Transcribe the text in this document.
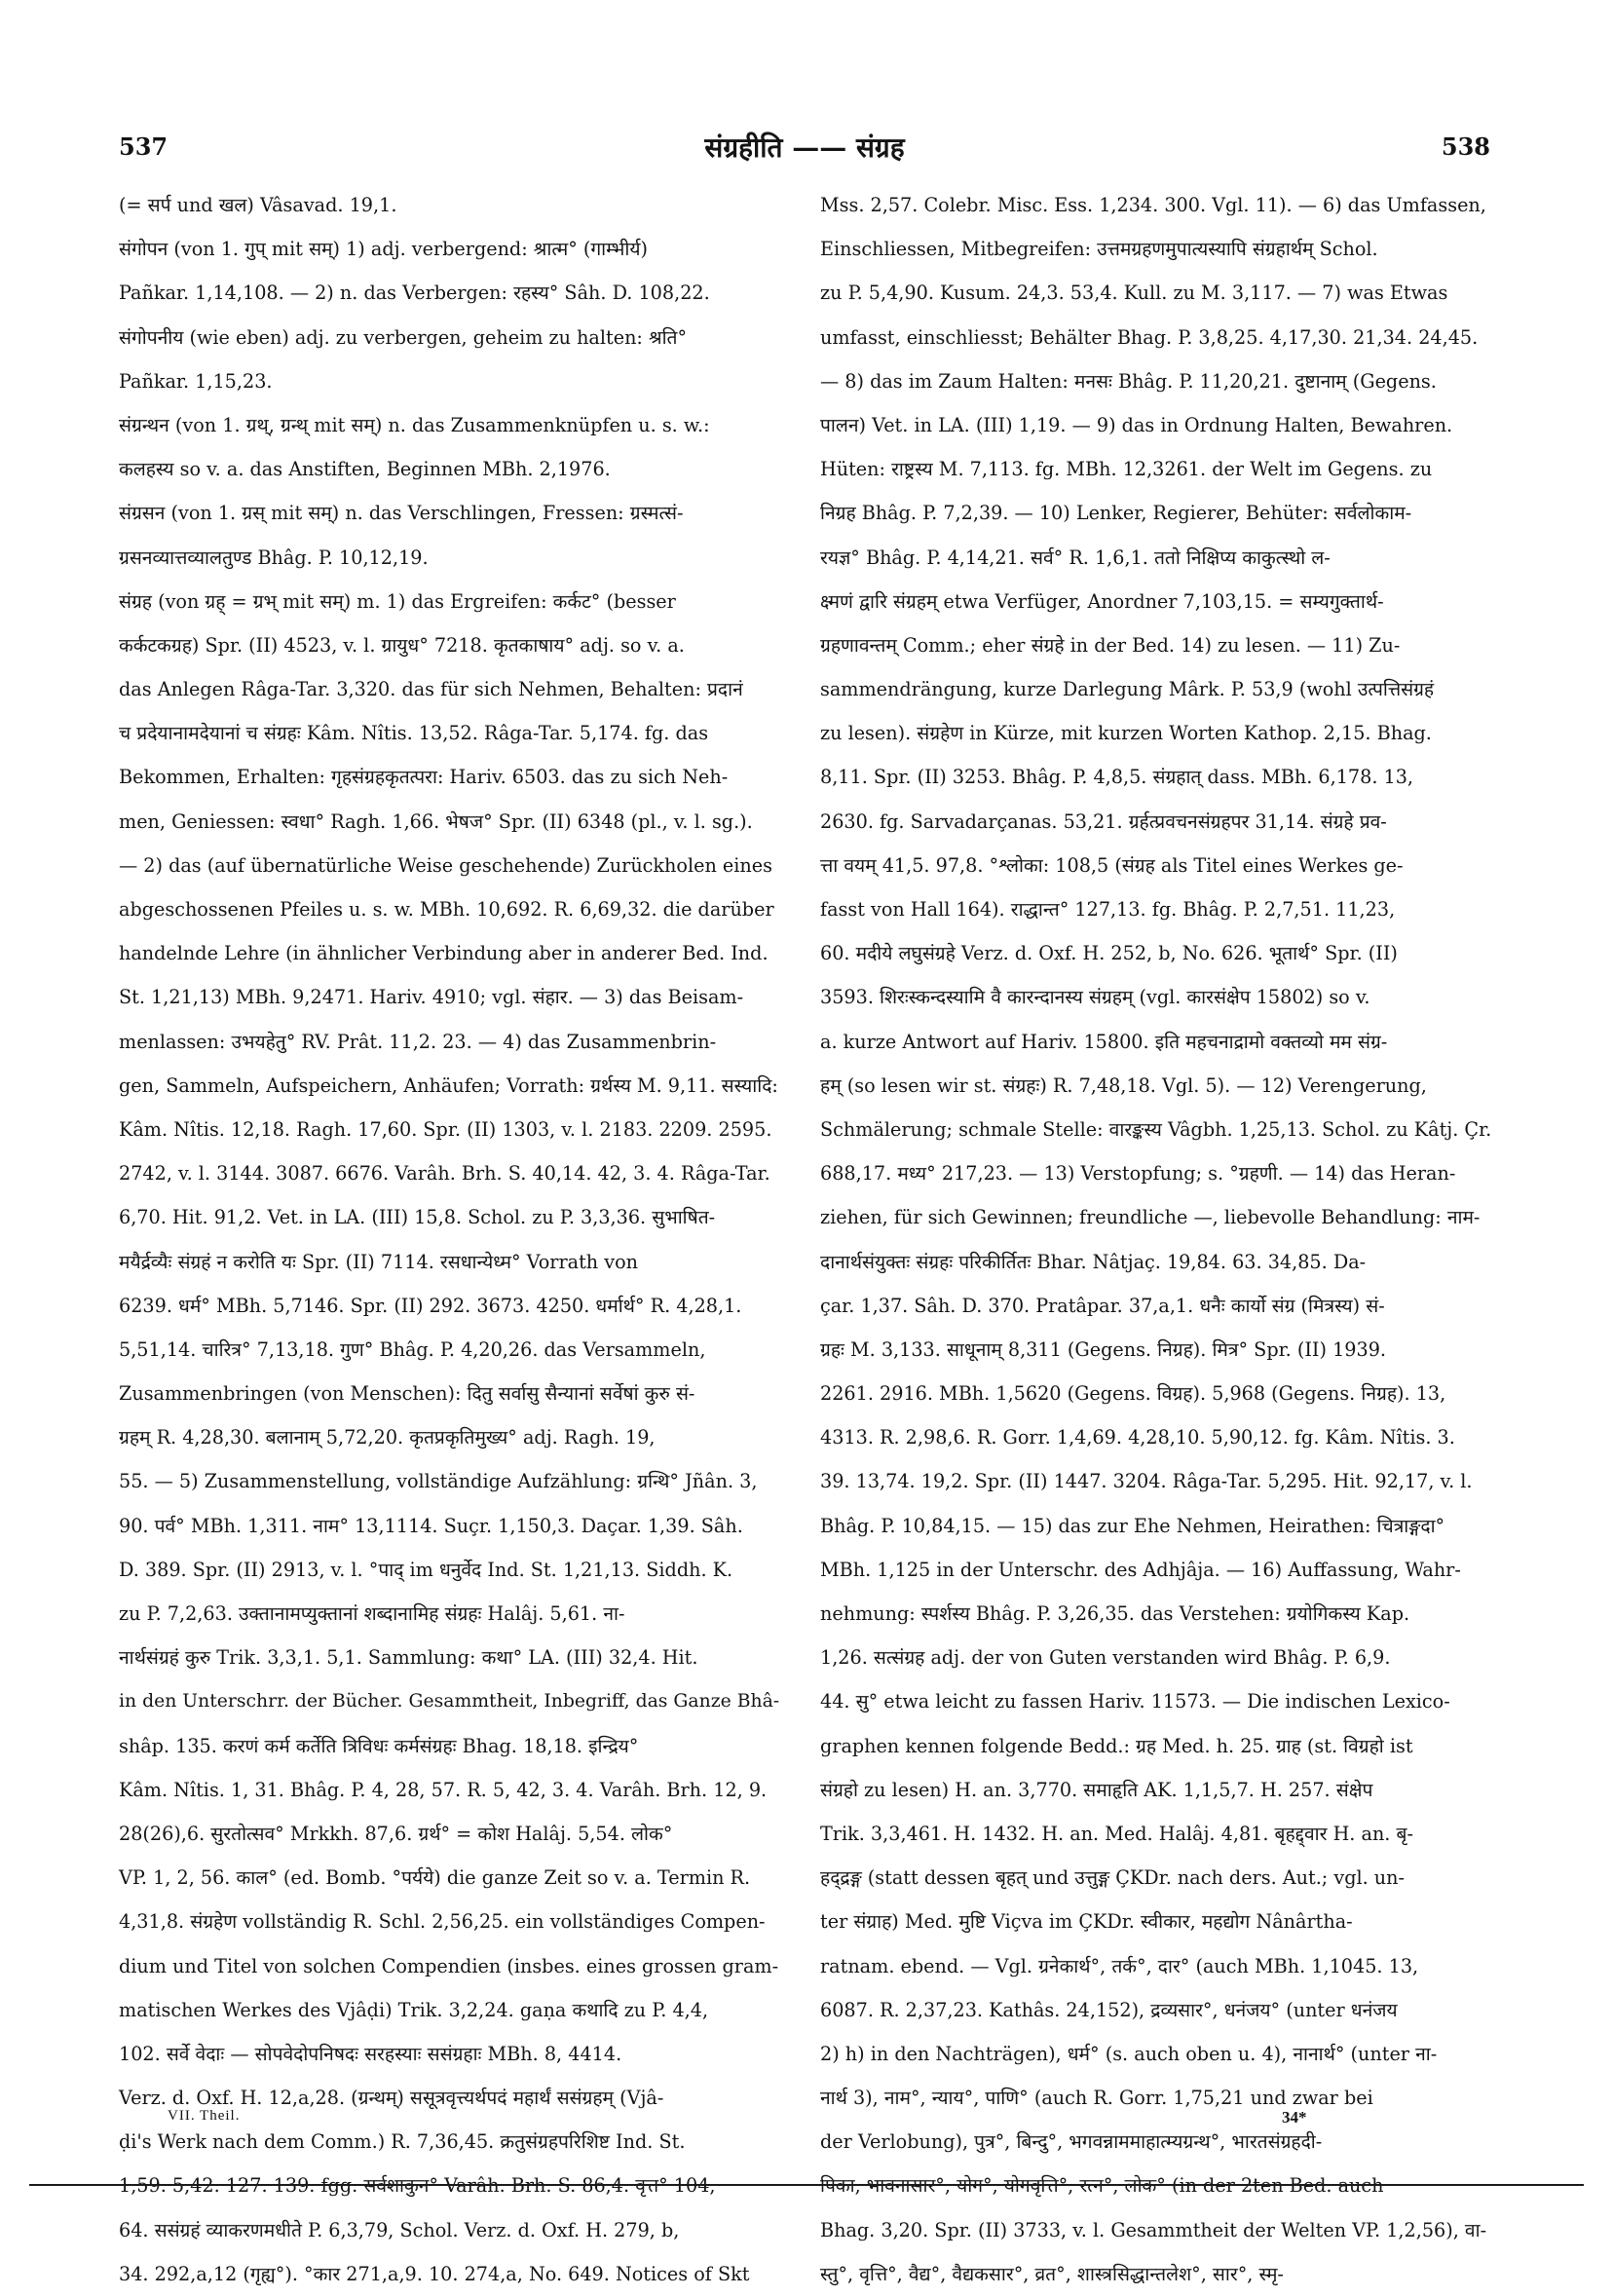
537	संग्रहीति —— संग्रह	538
(= सर्प und खल) Vâsavad. 19,1.
संगोपन (von 1. गुप् mit सम्) 1) adj. verbergend: श्रात्म° (गाम्भीर्य)
Pañkar. 1,14,108. — 2) n. das Verbergen: रहस्य° Sâh. D. 108,22.
संगोपनीय (wie eben) adj. zu verbergen, geheim zu halten: श्रति°
Pañkar. 1,15,23.
संग्रन्थन (von 1. ग्रथ्, ग्रन्थ् mit सम्) n. das Zusammenknüpfen u. s. w.:
कलहस्य so v. a. das Anstiften, Beginnen MBh. 2,1976.
संग्रसन (von 1. ग्रस् mit सम्) n. das Verschlingen, Fressen: ग्रस्मत्सं-
ग्रसनव्यात्तव्यालतुण्ड Bhâg. P. 10,12,19.
संग्रह (von ग्रह् = ग्रभ् mit सम्) m. 1) das Ergreifen: कर्कट° (besser
कर्कटकग्रह) Spr. (II) 4523, v. l. ग्रायुध° 7218. कृतकाषाय° adj. so v. a.
das Anlegen Râga-Tar. 3,320. das für sich Nehmen, Behalten: प्रदानं
च प्रदेयानामदेयानां च संग्रहः Kâm. Nîtis. 13,52. Râga-Tar. 5,174. fg. das
Bekommen, Erhalten: गृहसंग्रहकृतत्परा: Hariv. 6503. das zu sich Neh-
men, Geniessen: स्वधा° Ragh. 1,66. भेषज° Spr. (II) 6348 (pl., v. l. sg.).
— 2) das (auf übernatürliche Weise geschehende) Zurückholen eines
abgeschossenen Pfeiles u. s. w. MBh. 10,692. R. 6,69,32. die darüber
handelnde Lehre (in ähnlicher Verbindung aber in anderer Bed. Ind.
St. 1,21,13) MBh. 9,2471. Hariv. 4910; vgl. संहार. — 3) das Beisam-
menlassen: उभयहेतु° RV. Prât. 11,2. 23. — 4) das Zusammenbrin-
gen, Sammeln, Aufspeichern, Anhäufen; Vorrath: ग्रर्थस्य M. 9,11. सस्यादि:
Kâm. Nîtis. 12,18. Ragh. 17,60. Spr. (II) 1303, v. l. 2183. 2209. 2595.
2742, v. l. 3144. 3087. 6676. Varâh. Brh. S. 40,14. 42, 3. 4. Râga-Tar.
6,70. Hit. 91,2. Vet. in LA. (III) 15,8. Schol. zu P. 3,3,36. सुभाषित-
मयैर्द्रव्यैः संग्रहं न करोति यः Spr. (II) 7114. रसधान्येध्म° Vorrath von
6239. धर्म° MBh. 5,7146. Spr. (II) 292. 3673. 4250. धर्मार्थ° R. 4,28,1.
5,51,14. चारित्र° 7,13,18. गुण° Bhâg. P. 4,20,26. das Versammeln,
Zusammenbringen (von Menschen): दितु सर्वासु सैन्यानां सर्वेषां कुरु सं-
ग्रहम् R. 4,28,30. बलानाम् 5,72,20. कृतप्रकृतिमुख्य° adj. Ragh. 19,
55. — 5) Zusammenstellung, vollständige Aufzählung: ग्रन्थि° Jñân. 3,
90. पर्व° MBh. 1,311. नाम° 13,1114. Suçr. 1,150,3. Daçar. 1,39. Sâh.
D. 389. Spr. (II) 2913, v. l. °पाद् im धनुर्वेद Ind. St. 1,21,13. Siddh. K.
zu P. 7,2,63. उक्तानामप्युक्तानां शब्दानामिह संग्रहः Halâj. 5,61. ना-
नार्थसंग्रहं कुरु Trik. 3,3,1. 5,1. Sammlung: कथा° LA. (III) 32,4. Hit.
in den Unterschrr. der Bücher. Gesammtheit, Inbegriff, das Ganze Bhâ-
shâp. 135. करणं कर्म कर्तेति त्रिविधः कर्मसंग्रहः Bhag. 18,18. इन्द्रिय°
Kâm. Nîtis. 1, 31. Bhâg. P. 4, 28, 57. R. 5, 42, 3. 4. Varâh. Brh. 12, 9.
28(26),6. सुरतोत्सव° Mrkkh. 87,6. ग्रर्थ° = कोश Halâj. 5,54. लोक°
VP. 1, 2, 56. काल° (ed. Bomb. °पर्यये) die ganze Zeit so v. a. Termin R.
4,31,8. संग्रहेण vollständig R. Schl. 2,56,25. ein vollständiges Compen-
dium und Titel von solchen Compendien (insbes. eines grossen gram-
matischen Werkes des Vjâḍi) Trik. 3,2,24. gaṇa कथादि zu P. 4,4,
102. सर्वे वेदाः — सोपवेदोपनिषदः सरहस्याः ससंग्रहाः MBh. 8, 4414.
Verz. d. Oxf. H. 12,a,28. (ग्रन्थम्) ससूत्रवृत्त्यर्थपदं महार्थं ससंग्रहम् (Vjâ-
ḍi's Werk nach dem Comm.) R. 7,36,45. क्रतुसंग्रहपरिशिष्ट Ind. St.
64. ससंग्रहं व्याकरणमधीते P. 6,3,79, Schol. Verz. d. Oxf. H. 279, b,
34. 292,a,12 (गृह्य°). °कार 271,a,9. 10. 274,a, No. 649. Notices of Skt
Mss. 2,57. Colebr. Misc. Ess. 1,234. 300. Vgl. 11). — 6) das Umfassen,
Einschliessen, Mitbegreifen: उत्तमग्रहणमुपात्यस्यापि संग्रहार्थम् Schol.
zu P. 5,4,90. Kusum. 24,3. 53,4. Kull. zu M. 3,117. — 7) was Etwas
umfasst, einschliesst; Behälter Bhag. P. 3,8,25. 4,17,30. 21,34. 24,45.
— 8) das im Zaum Halten: मनसः Bhâg. P. 11,20,21. दुष्टानाम् (Gegens.
पालन) Vet. in LA. (III) 1,19. — 9) das in Ordnung Halten, Bewahren.
Hüten: राष्ट्रस्य M. 7,113. fg. MBh. 12,3261. der Welt im Gegens. zu
निग्रह Bhâg. P. 7,2,39. — 10) Lenker, Regierer, Behüter: सर्वलोकाम-
रयज्ञ° Bhâg. P. 4,14,21. सर्व° R. 1,6,1. ततो निक्षिप्य काकुत्स्थो ल-
क्ष्मणं द्वारि संग्रहम् etwa Verfüger, Anordner 7,103,15. = सम्यगुक्तार्थ-
ग्रहणावन्तम् Comm.; eher संग्रहे in der Bed. 14) zu lesen. — 11) Zu-
sammendrängung, kurze Darlegung Mârk. P. 53,9 (wohl उत्पत्तिसंग्रहं
zu lesen). संग्रहेण in Kürze, mit kurzen Worten Kathop. 2,15. Bhag.
8,11. Spr. (II) 3253. Bhâg. P. 4,8,5. संग्रहात् dass. MBh. 6,178. 13,
2630. fg. Sarvadarçanas. 53,21. ग्रर्हत्प्रवचनसंग्रहपर 31,14. संग्रहे प्रव-
त्ता वयम् 41,5. 97,8. °श्लोका: 108,5 (संग्रह als Titel eines Werkes ge-
fasst von Hall 164). राद्धान्त° 127,13. fg. Bhâg. P. 2,7,51. 11,23,
60. मदीये लघुसंग्रहे Verz. d. Oxf. H. 252, b, No. 626. भूतार्थ° Spr. (II)
3593. शिरःस्कन्दस्यामि वै कारन्दानस्य संग्रहम् (vgl. कारसंक्षेप 15802) so v.
a. kurze Antwort auf Hariv. 15800. इति महचनाद्रामो वक्तव्यो मम संग्र-
हम् (so lesen wir st. संग्रहः) R. 7,48,18. Vgl. 5). — 12) Verengerung,
Schmälerung; schmale Stelle: वारङ्कस्य Vâgbh. 1,25,13. Schol. zu Kâtj. Çr.
688,17. मध्य° 217,23. — 13) Verstopfung; s. °ग्रहणी. — 14) das Heran-
ziehen, für sich Gewinnen; freundliche —, liebevolle Behandlung: नाम-
दानार्थसंयुक्तः संग्रहः परिकीर्तितः Bhar. Nâtjaç. 19,84. 63. 34,85. Da-
çar. 1,37. Sâh. D. 370. Pratâpar. 37,a,1. धनैः कार्यो संग्र (मित्रस्य) सं-
ग्रहः M. 3,133. साधूनाम् 8,311 (Gegens. निग्रह). मित्र° Spr. (II) 1939.
2261. 2916. MBh. 1,5620 (Gegens. विग्रह). 5,968 (Gegens. निग्रह). 13,
4313. R. 2,98,6. R. Gorr. 1,4,69. 4,28,10. 5,90,12. fg. Kâm. Nîtis. 3.
39. 13,74. 19,2. Spr. (II) 1447. 3204. Râga-Tar. 5,295. Hit. 92,17, v. l.
Bhâg. P. 10,84,15. — 15) das zur Ehe Nehmen, Heirathen: चित्राङ्गदा°
MBh. 1,125 in der Unterschr. des Adhjâja. — 16) Auffassung, Wahr-
nehmung: स्पर्शस्य Bhâg. P. 3,26,35. das Verstehen: ग्रयोगिकस्य Kap.
1,26. सत्संग्रह adj. der von Guten verstanden wird Bhâg. P. 6,9.
44. सु° etwa leicht zu fassen Hariv. 11573. — Die indischen Lexico-
graphen kennen folgende Bedd.: ग्रह Med. h. 25. ग्राह (st. विग्रहो ist
संग्रहो zu lesen) H. an. 3,770. समाहृति AK. 1,1,5,7. H. 257. संक्षेप
Trik. 3,3,461. H. 1432. H. an. Med. Halâj. 4,81. बृहद्द्वार H. an. बृ-
हद्द्रङ्ग (statt dessen बृहत् und उत्तुङ्ग ÇKDr. nach ders. Aut.; vgl. un-
ter संग्राह) Med. मुष्टि Viçva im ÇKDr. स्वीकार, महद्योग Nânârtha-
ratnam. ebend. — Vgl. ग्रनेकार्थ°, तर्क°, दार° (auch MBh. 1,1045. 13,
6087. R. 2,37,23. Kathâs. 24,152), द्रव्यसार°, धनंजय° (unter धनंजय
2) h) in den Nachträgen), धर्म° (s. auch oben u. 4), नानार्थ° (unter ना-
नार्थ 3), नाम°, न्याय°, पाणि° (auch R. Gorr. 1,75,21 und zwar bei
der Verlobung), पुत्र°, बिन्दु°, भगवन्नाममाहात्म्यग्रन्थ°, भारतसंग्रहदी-
Bhag. 3,20. Spr. (II) 3733, v. l. Gesammtheit der Welten VP. 1,2,56), वा-
स्तु°, वृत्ति°, वैद्य°, वैद्यकसार°, व्रत°, शास्त्रसिद्धान्तलेश°, सार°, स्मृ-
VII. Theil.	34*
